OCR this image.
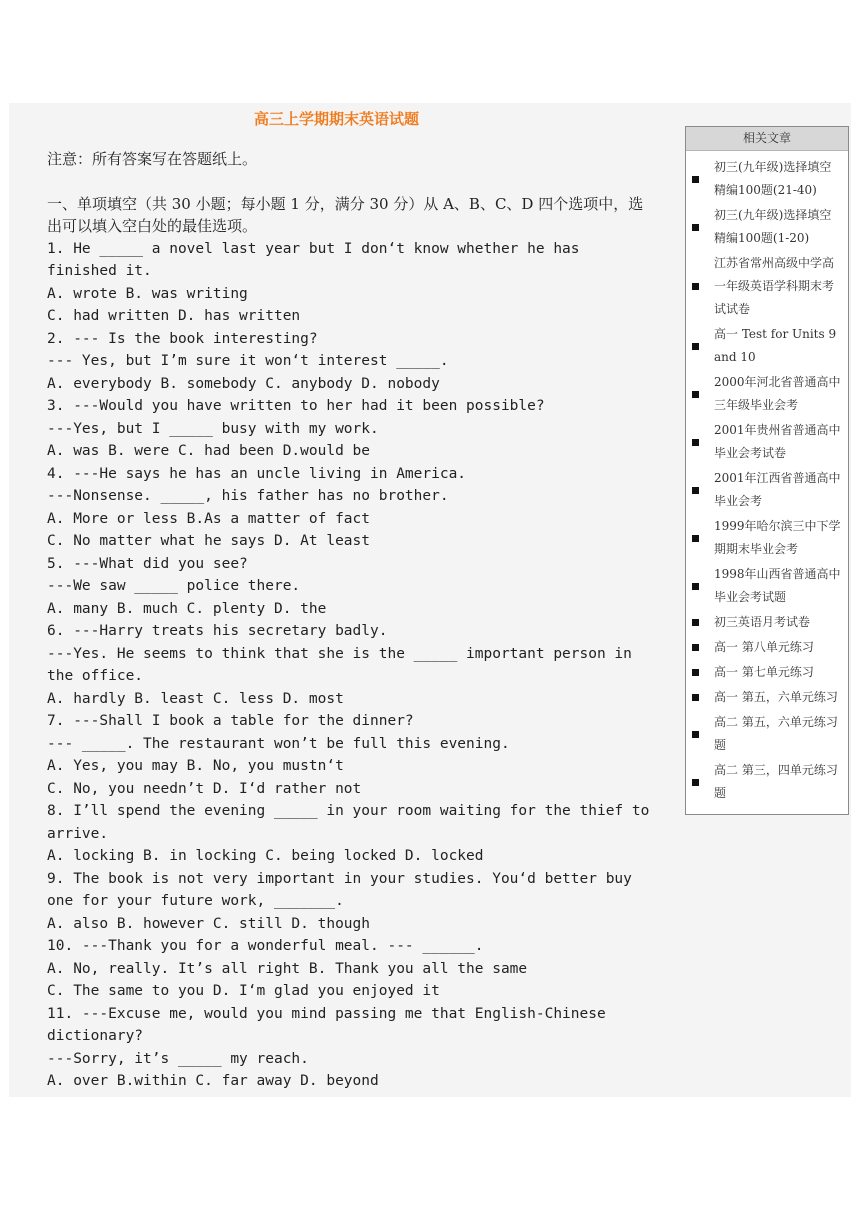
高三上学期期末英语试题

注意：所有答案写在答题纸上。

一、单项填空（共 30 小题；每小题 1 分，满分 30 分）从 A、B、C、D 四个选项中，选出可以填入空白处的最佳选项。

1. He _____ a novel last year but I don‘t know whether he has finished it.

A. wrote B. was writing

C. had written D. has written

2. --- Is the book interesting?

--- Yes, but I’m sure it won‘t interest _____.

A. everybody B. somebody C. anybody D. nobody

3. ---Would you have written to her had it been possible?

---Yes, but I _____ busy with my work.

A. was B. were C. had been D.would be

4. ---He says he has an uncle living in America.

---Nonsense. _____, his father has no brother.

A. More or less B.As a matter of fact

C. No matter what he says D. At least

5. ---What did you see?

---We saw _____ police there.

A. many B. much C. plenty D. the

6. ---Harry treats his secretary badly.

---Yes. He seems to think that she is the _____ important person in the office.

A. hardly B. least C. less D. most

7. ---Shall I book a table for the dinner?

--- _____. The restaurant won’t be full this evening.

A. Yes, you may B. No, you mustn‘t

C. No, you needn’t D. I‘d rather not

8. I’ll spend the evening _____ in your room waiting for the thief to arrive.

A. locking B. in locking C. being locked D. locked

9. The book is not very important in your studies. You‘d better buy one for your future work, _______.

A. also B. however C. still D. though

10. ---Thank you for a wonderful meal. --- ______.

A. No, really. It’s all right B. Thank you all the same

C. The same to you D. I‘m glad you enjoyed it

11. ---Excuse me, would you mind passing me that English-Chinese dictionary?

---Sorry, it’s _____ my reach.

A. over B.within C. far away D. beyond

相关文章
初三(九年级)选择填空 精编100题(21-40)
初三(九年级)选择填空 精编100题(1-20)
江苏省常州高级中学高一年级英语学科期末考试试卷
高一 Test for Units 9 and 10
2000年河北省普通高中三年级毕业会考
2001年贵州省普通高中毕业会考试卷
2001年江西省普通高中毕业会考
1999年哈尔滨三中下学期期末毕业会考
1998年山西省普通高中毕业会考试题
初三英语月考试卷
高一 第八单元练习
高一 第七单元练习
高一 第五，六单元练习
高二 第五，六单元练习题
高二 第三，四单元练习题
